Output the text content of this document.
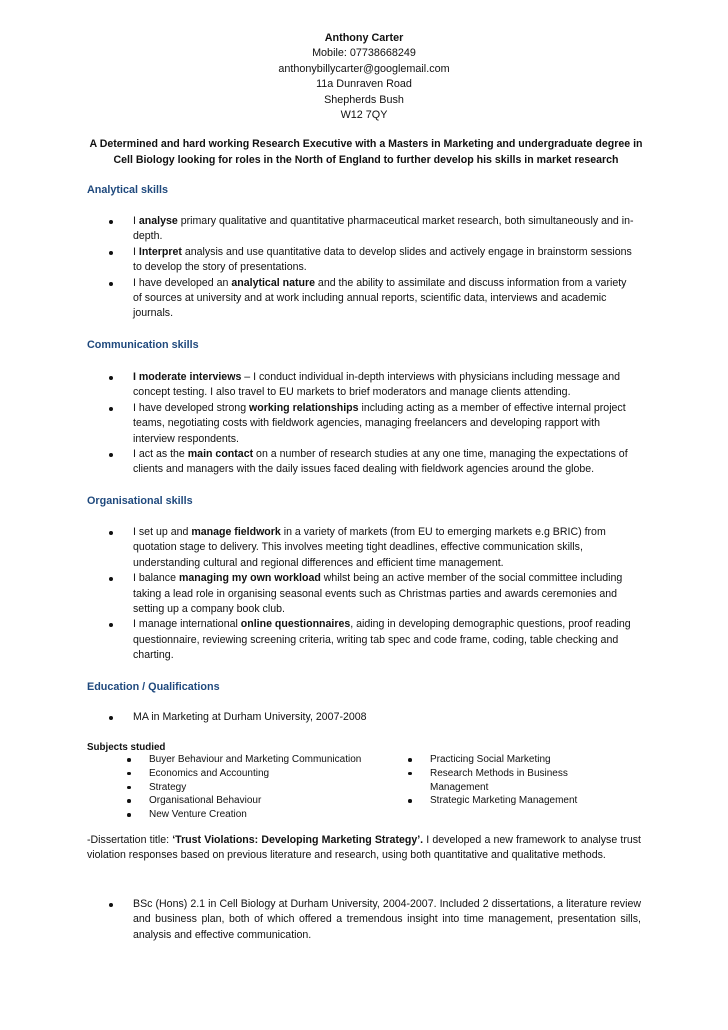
Anthony Carter
Mobile: 07738668249
anthonybillycarter@googlemail.com
11a Dunraven Road
Shepherds Bush
W12 7QY
A Determined and hard working Research Executive with a Masters in Marketing and undergraduate degree in Cell Biology looking for roles in the North of England to further develop his skills in market research
Analytical skills
I analyse primary qualitative and quantitative pharmaceutical market research, both simultaneously and in-depth.
I Interpret analysis and use quantitative data to develop slides and actively engage in brainstorm sessions to develop the story of presentations.
I have developed an analytical nature and the ability to assimilate and discuss information from a variety of sources at university and at work including annual reports, scientific data, interviews and academic journals.
Communication skills
I moderate interviews – I conduct individual in-depth interviews with physicians including message and concept testing. I also travel to EU markets to brief moderators and manage clients attending.
I have developed strong working relationships including acting as a member of effective internal project teams, negotiating costs with fieldwork agencies, managing freelancers and developing rapport with interview respondents.
I act as the main contact on a number of research studies at any one time, managing the expectations of clients and managers with the daily issues faced dealing with fieldwork agencies around the globe.
Organisational skills
I set up and manage fieldwork in a variety of markets (from EU to emerging markets e.g BRIC) from quotation stage to delivery. This involves meeting tight deadlines, effective communication skills, understanding cultural and regional differences and efficient time management.
I balance managing my own workload whilst being an active member of the social committee including taking a lead role in organising seasonal events such as Christmas parties and awards ceremonies and setting up a company book club.
I manage international online questionnaires, aiding in developing demographic questions, proof reading questionnaire, reviewing screening criteria, writing tab spec and code frame, coding, table checking and charting.
Education / Qualifications
MA in Marketing at Durham University, 2007-2008
Subjects studied
Buyer Behaviour and Marketing Communication
Economics and Accounting
Strategy
Organisational Behaviour
New Venture Creation
Practicing Social Marketing
Research Methods in Business Management
Strategic Marketing Management
-Dissertation title: ‘Trust Violations: Developing Marketing Strategy’. I developed a new framework to analyse trust violation responses based on previous literature and research, using both quantitative and qualitative methods.
BSc (Hons) 2.1 in Cell Biology at Durham University, 2004-2007. Included 2 dissertations, a literature review and business plan, both of which offered a tremendous insight into time management, presentation sills, analysis and effective communication.
